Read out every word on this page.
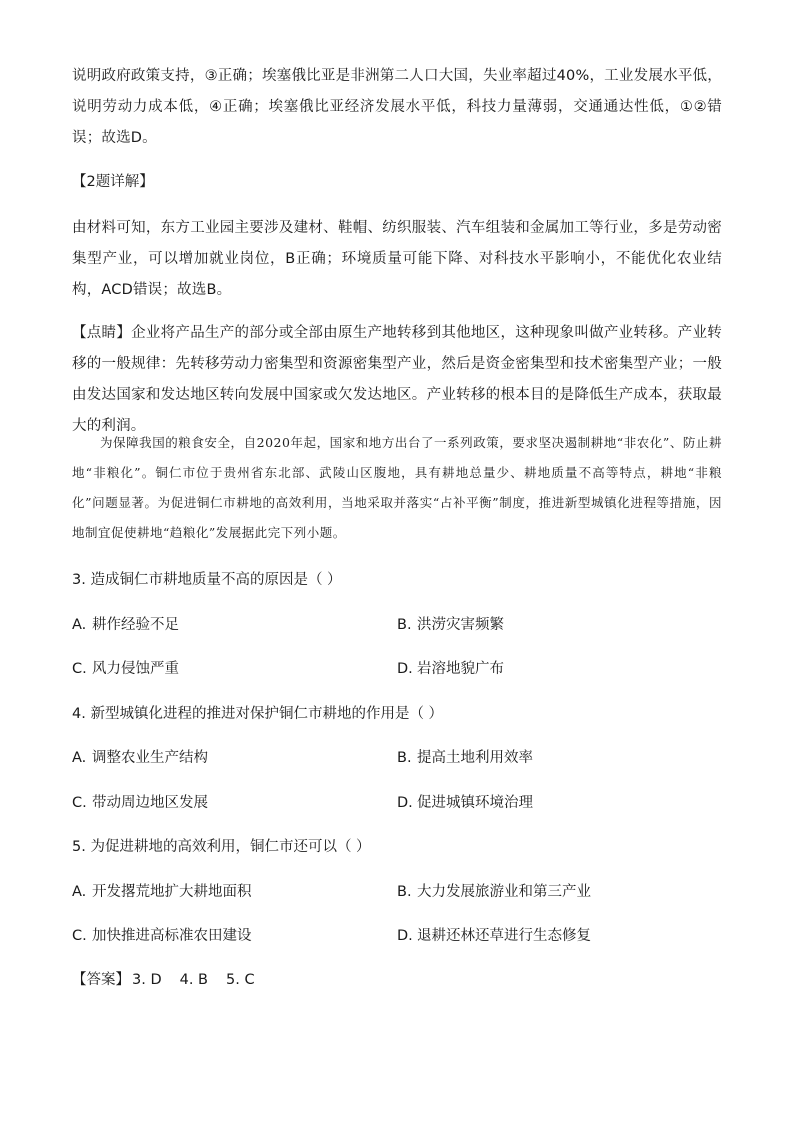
说明政府政策支持，③正确；埃塞俄比亚是非洲第二人口大国，失业率超过40%，工业发展水平低，说明劳动力成本低，④正确；埃塞俄比亚经济发展水平低，科技力量薄弱，交通通达性低，①②错误；故选D。

【2题详解】

由材料可知，东方工业园主要涉及建材、鞋帽、纺织服装、汽车组装和金属加工等行业，多是劳动密集型产业，可以增加就业岗位，B正确；环境质量可能下降、对科技水平影响小，不能优化农业结构，ACD错误；故选B。

【点睛】企业将产品生产的部分或全部由原生产地转移到其他地区，这种现象叫做产业转移。产业转移的一般规律：先转移劳动力密集型和资源密集型产业，然后是资金密集型和技术密集型产业；一般由发达国家和发达地区转向发展中国家或欠发达地区。产业转移的根本目的是降低生产成本，获取最大的利润。

为保障我国的粮食安全，自2020年起，国家和地方出台了一系列政策，要求坚决遏制耕地“非农化”、防止耕地“非粮化”。铜仁市位于贵州省东北部、武陵山区腹地，具有耕地总量少、耕地质量不高等特点，耕地“非粮化”问题显著。为促进铜仁市耕地的高效利用，当地采取并落实“占补平衡”制度，推进新型城镇化进程等措施，因地制宜促使耕地“趋粮化”发展据此完下列小题。

3. 造成铜仁市耕地质量不高的原因是（ ）
A. 耕作经验不足	B. 洪涝灾害频繁
C. 风力侵蚀严重	D. 岩溶地貌广布
4. 新型城镇化进程的推进对保护铜仁市耕地的作用是（ ）
A. 调整农业生产结构	B. 提高土地利用效率
C. 带动周边地区发展	D. 促进城镇环境治理
5. 为促进耕地的高效利用，铜仁市还可以（ ）
A. 开发撂荒地扩大耕地面积	B. 大力发展旅游业和第三产业
C. 加快推进高标准农田建设	D. 退耕还林还草进行生态修复
【答案】 3. D 4. B 5. C
